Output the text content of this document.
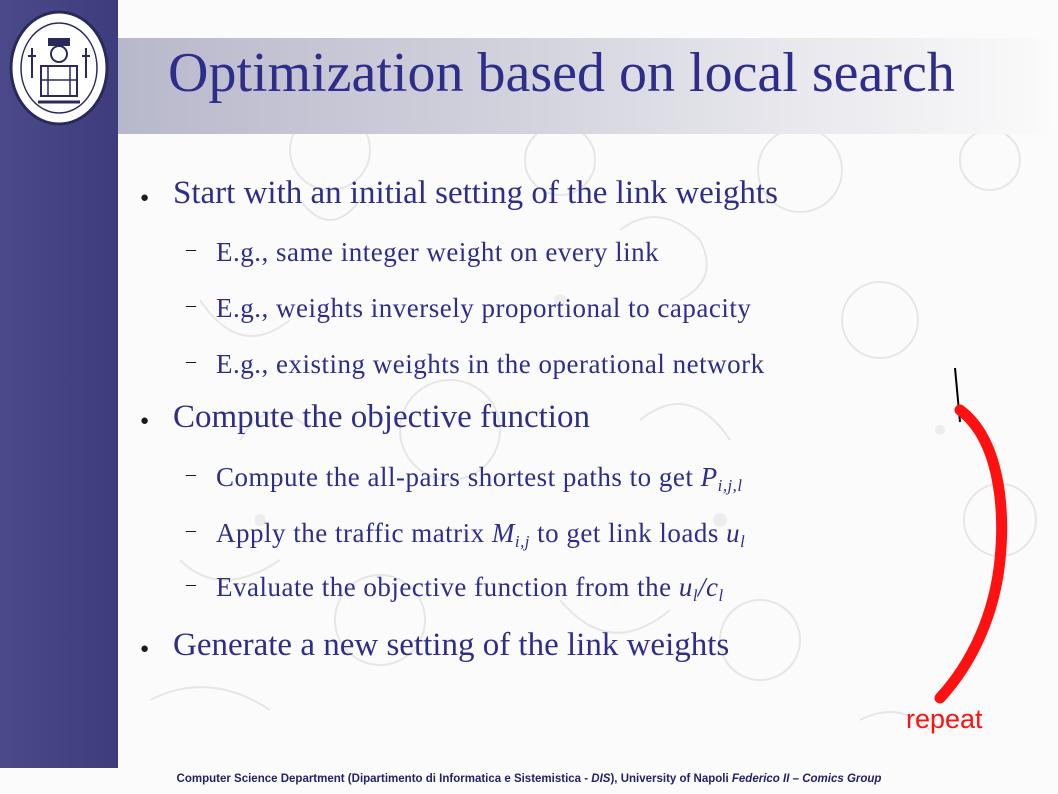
Optimization based on local search
● Start with an initial setting of the link weights
– E.g., same integer weight on every link
– E.g., weights inversely proportional to capacity
– E.g., existing weights in the operational network
● Compute the objective function
– Compute the all-pairs shortest paths to get $P_{i,j,l}$
– Apply the traffic matrix $M_{i,j}$ to get link loads $u_l$
– Evaluate the objective function from the $u_l/c_l$
● Generate a new setting of the link weights
repeat
Computer Science Department (Dipartimento di Informatica e Sistemistica - DIS), University of Napoli Federico II – Comics Group
